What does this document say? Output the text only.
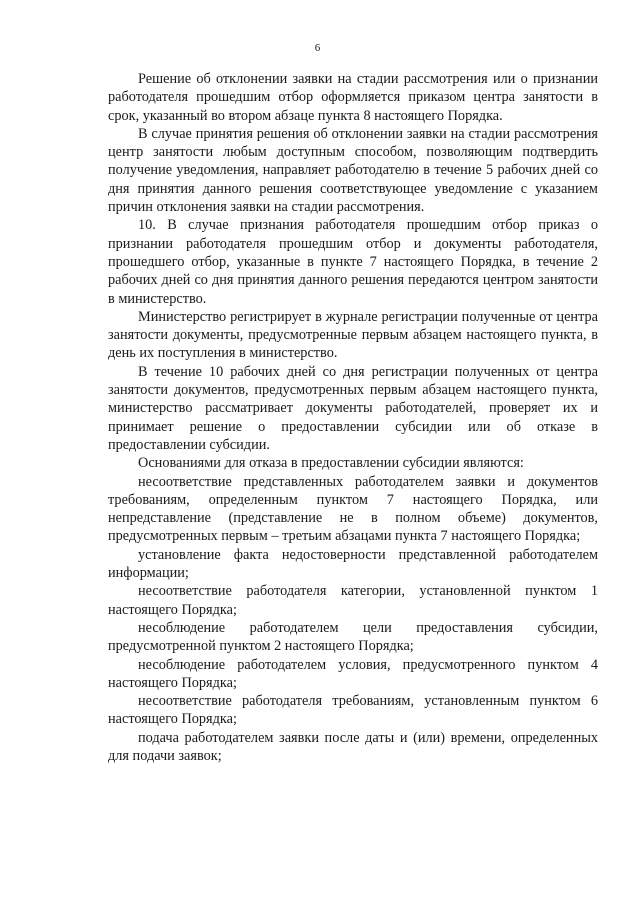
6

Решение об отклонении заявки на стадии рассмотрения или о признании работодателя прошедшим отбор оформляется приказом центра занятости в срок, указанный во втором абзаце пункта 8 настоящего Порядка.

В случае принятия решения об отклонении заявки на стадии рассмотрения центр занятости любым доступным способом, позволяющим подтвердить получение уведомления, направляет работодателю в течение 5 рабочих дней со дня принятия данного решения соответствующее уведомление с указанием причин отклонения заявки на стадии рассмотрения.

10. В случае признания работодателя прошедшим отбор приказ о признании работодателя прошедшим отбор и документы работодателя, прошедшего отбор, указанные в пункте 7 настоящего Порядка, в течение 2 рабочих дней со дня принятия данного решения передаются центром занятости в министерство.

Министерство регистрирует в журнале регистрации полученные от центра занятости документы, предусмотренные первым абзацем настоящего пункта, в день их поступления в министерство.

В течение 10 рабочих дней со дня регистрации полученных от центра занятости документов, предусмотренных первым абзацем настоящего пункта, министерство рассматривает документы работодателей, проверяет их и принимает решение о предоставлении субсидии или об отказе в предоставлении субсидии.

Основаниями для отказа в предоставлении субсидии являются:

несоответствие представленных работодателем заявки и документов требованиям, определенным пунктом 7 настоящего Порядка, или непредставление (представление не в полном объеме) документов, предусмотренных первым – третьим абзацами пункта 7 настоящего Порядка;

установление факта недостоверности представленной работодателем информации;

несоответствие работодателя категории, установленной пунктом 1 настоящего Порядка;

несоблюдение работодателем цели предоставления субсидии, предусмотренной пунктом 2 настоящего Порядка;

несоблюдение работодателем условия, предусмотренного пунктом 4 настоящего Порядка;

несоответствие работодателя требованиям, установленным пунктом 6 настоящего Порядка;

подача работодателем заявки после даты и (или) времени, определенных для подачи заявок;
